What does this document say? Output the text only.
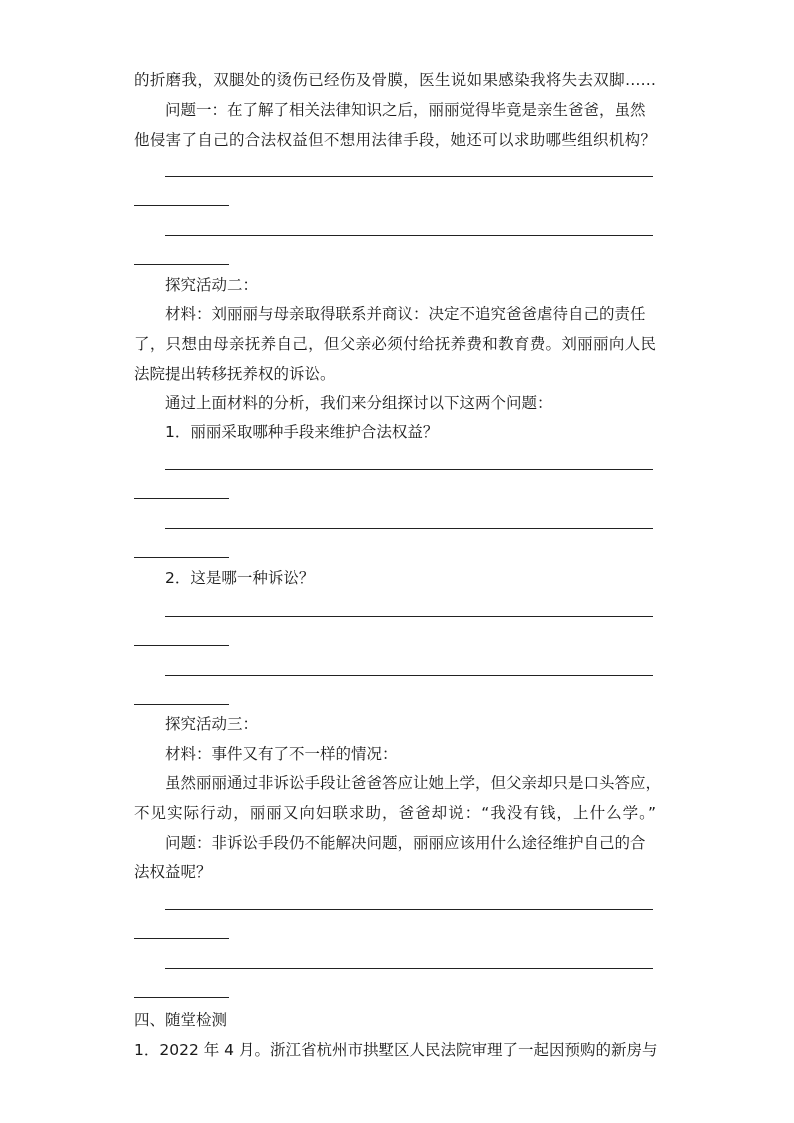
的折磨我，双腿处的烫伤已经伤及骨膜，医生说如果感染我将失去双脚……
问题一：在了解了相关法律知识之后，丽丽觉得毕竟是亲生爸爸，虽然
他侵害了自己的合法权益但不想用法律手段，她还可以求助哪些组织机构？
探究活动二：
材料：刘丽丽与母亲取得联系并商议：决定不追究爸爸虐待自己的责任
了，只想由母亲抚养自己，但父亲必须付给抚养费和教育费。刘丽丽向人民
法院提出转移抚养权的诉讼。
通过上面材料的分析，我们来分组探讨以下这两个问题：
1．丽丽采取哪种手段来维护合法权益？
2．这是哪一种诉讼？
探究活动三：
材料：事件又有了不一样的情况：
虽然丽丽通过非诉讼手段让爸爸答应让她上学，但父亲却只是口头答应，
不见实际行动，丽丽又向妇联求助，爸爸却说：“我没有钱，上什么学。”
问题：非诉讼手段仍不能解决问题，丽丽应该用什么途径维护自己的合
法权益呢？
四、随堂检测
1．2022 年 4 月。浙江省杭州市拱墅区人民法院审理了一起因预购的新房与
